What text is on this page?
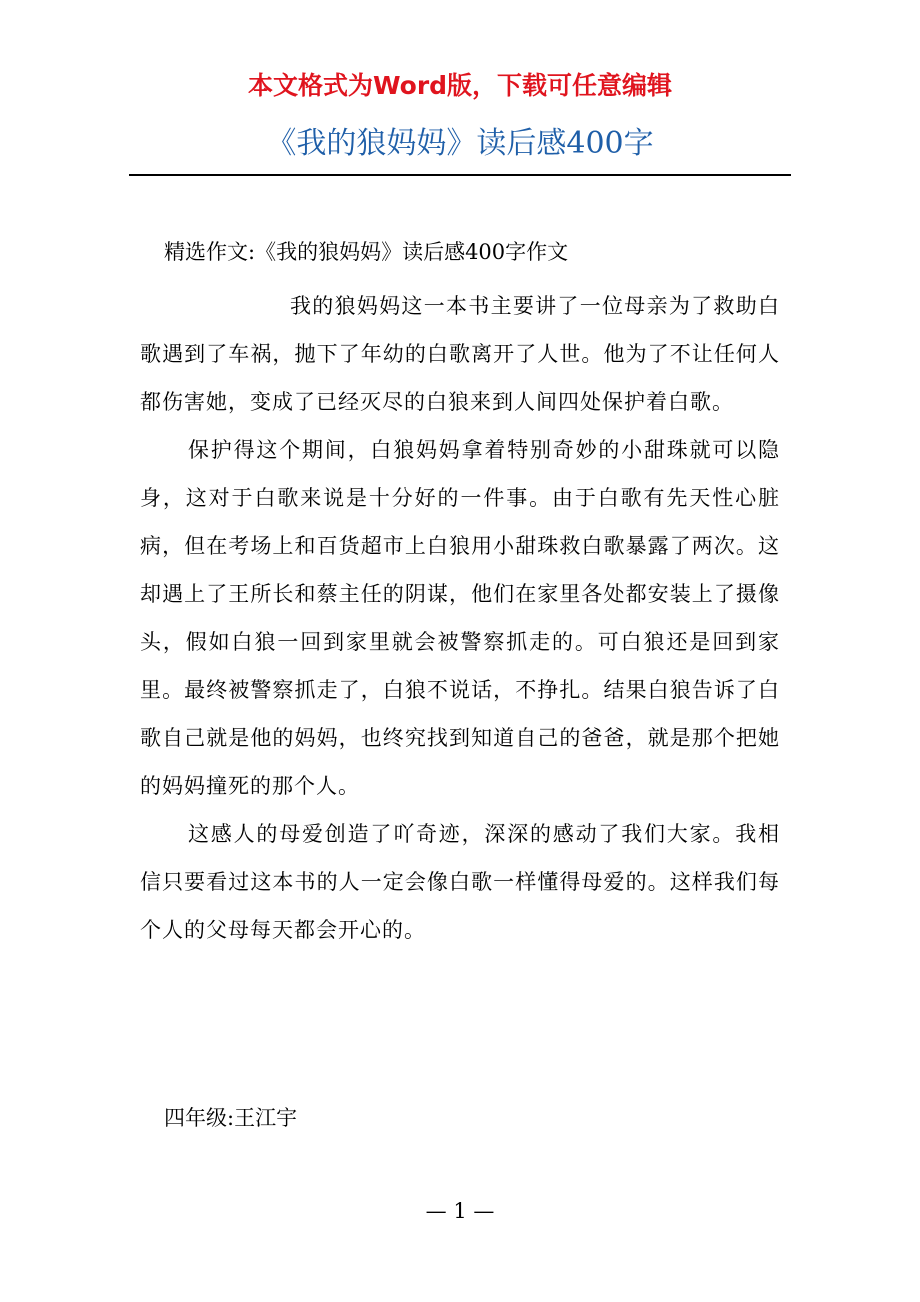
本文格式为Word版，下载可任意编辑
《我的狼妈妈》读后感400字
精选作文:《我的狼妈妈》读后感400字作文

我的狼妈妈这一本书主要讲了一位母亲为了救助白歌遇到了车祸，抛下了年幼的白歌离开了人世。他为了不让任何人都伤害她，变成了已经灭尽的白狼来到人间四处保护着白歌。

保护得这个期间，白狼妈妈拿着特别奇妙的小甜珠就可以隐身，这对于白歌来说是十分好的一件事。由于白歌有先天性心脏病，但在考场上和百货超市上白狼用小甜珠救白歌暴露了两次。这却遇上了王所长和蔡主任的阴谋，他们在家里各处都安装上了摄像头，假如白狼一回到家里就会被警察抓走的。可白狼还是回到家里。最终被警察抓走了，白狼不说话，不挣扎。结果白狼告诉了白歌自己就是他的妈妈，也终究找到知道自己的爸爸，就是那个把她的妈妈撞死的那个人。

这感人的母爱创造了吖奇迹，深深的感动了我们大家。我相信只要看过这本书的人一定会像白歌一样懂得母爱的。这样我们每个人的父母每天都会开心的。

四年级:王江宇
— 1 —
